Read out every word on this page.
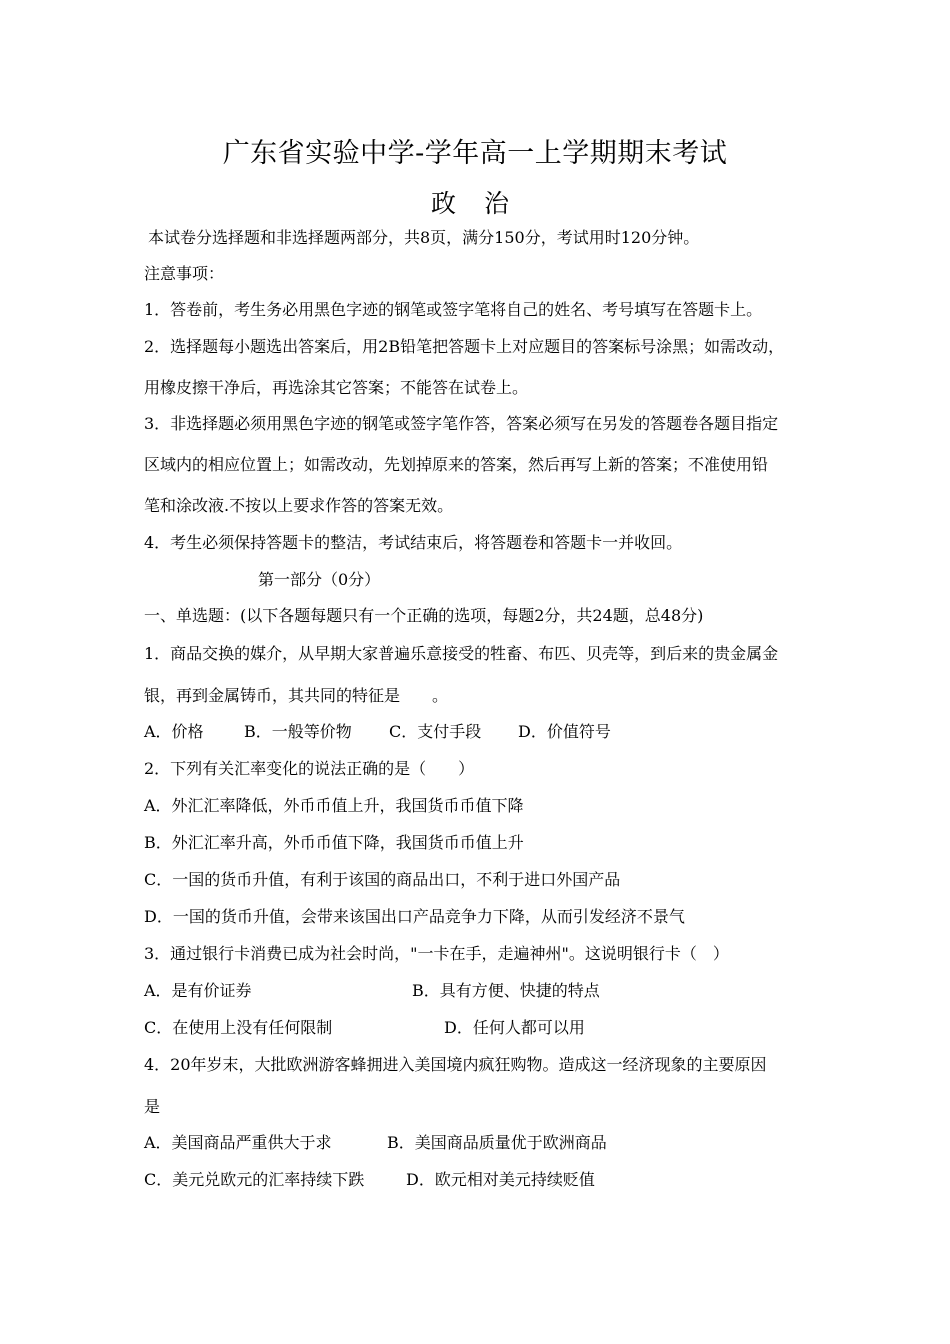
广东省实验中学-学年高一上学期期末考试
政 治
本试卷分选择题和非选择题两部分，共8页，满分150分，考试用时120分钟。
注意事项：
1．答卷前，考生务必用黑色字迹的钢笔或签字笔将自己的姓名、考号填写在答题卡上。
2．选择题每小题选出答案后，用2B铅笔把答题卡上对应题目的答案标号涂黑；如需改动，
用橡皮擦干净后，再选涂其它答案；不能答在试卷上。
3．非选择题必须用黑色字迹的钢笔或签字笔作答，答案必须写在另发的答题卷各题目指定
区域内的相应位置上；如需改动，先划掉原来的答案，然后再写上新的答案；不准使用铅
笔和涂改液.不按以上要求作答的答案无效。
4．考生必须保持答题卡的整洁，考试结束后，将答题卷和答题卡一并收回。
第一部分（0分）
一、单选题：(以下各题每题只有一个正确的选项，每题2分，共24题，总48分)
1．商品交换的媒介，从早期大家普遍乐意接受的牲畜、布匹、贝壳等，到后来的贵金属金
银，再到金属铸币，其共同的特征是　　。
A．价格	B．一般等价物 C．支付手段 D．价值符号
2．下列有关汇率变化的说法正确的是（　　）
A．外汇汇率降低，外币币值上升，我国货币币值下降
B．外汇汇率升高，外币币值下降，我国货币币值上升
C．一国的货币升值，有利于该国的商品出口，不利于进口外国产品
D．一国的货币升值，会带来该国出口产品竞争力下降，从而引发经济不景气
3．通过银行卡消费已成为社会时尚，"一卡在手，走遍神州"。这说明银行卡（　）
A．是有价证券	B．具有方便、快捷的特点
C．在使用上没有任何限制	D．任何人都可以用
4．20年岁末，大批欧洲游客蜂拥进入美国境内疯狂购物。造成这一经济现象的主要原因
是
A．美国商品严重供大于求	B．美国商品质量优于欧洲商品
C．美元兑欧元的汇率持续下跌	D．欧元相对美元持续贬值
